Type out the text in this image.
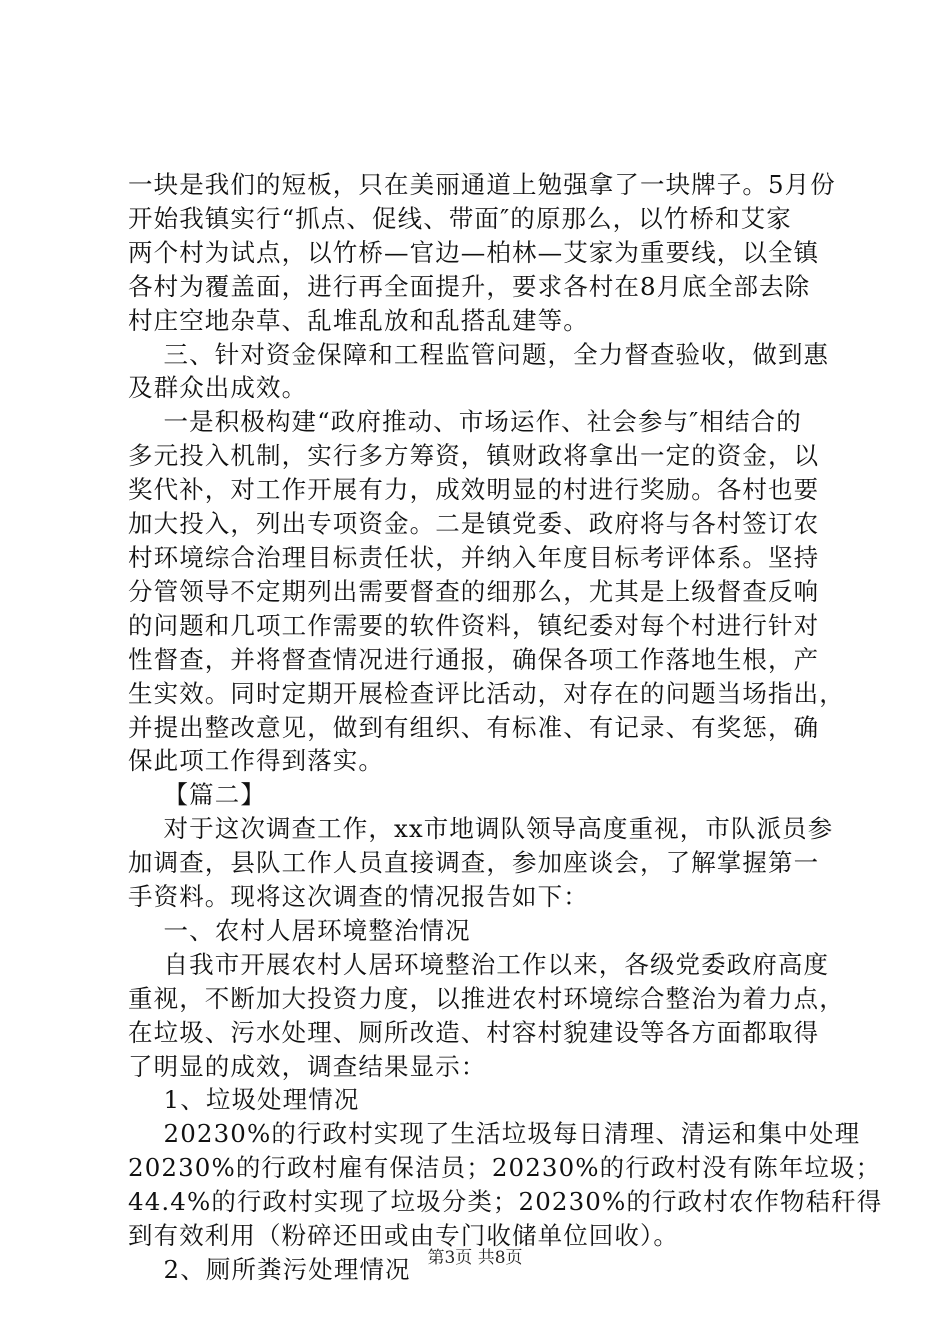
一块是我们的短板，只在美丽通道上勉强拿了一块牌子。5月份
开始我镇实行“抓点、促线、带面″的原那么，以竹桥和艾家
两个村为试点，以竹桥—官边—柏林—艾家为重要线，以全镇
各村为覆盖面，进行再全面提升，要求各村在8月底全部去除
村庄空地杂草、乱堆乱放和乱搭乱建等。
三、针对资金保障和工程监管问题，全力督查验收，做到惠
及群众出成效。
一是积极构建“政府推动、市场运作、社会参与″相结合的
多元投入机制，实行多方筹资，镇财政将拿出一定的资金，以
奖代补，对工作开展有力，成效明显的村进行奖励。各村也要
加大投入，列出专项资金。二是镇党委、政府将与各村签订农
村环境综合治理目标责任状，并纳入年度目标考评体系。坚持
分管领导不定期列出需要督查的细那么，尤其是上级督查反响
的问题和几项工作需要的软件资料，镇纪委对每个村进行针对
性督查，并将督查情况进行通报，确保各项工作落地生根，产
生实效。同时定期开展检查评比活动，对存在的问题当场指出，
并提出整改意见，做到有组织、有标准、有记录、有奖惩，确
保此项工作得到落实。
【篇二】
对于这次调查工作，xx市地调队领导高度重视，市队派员参
加调查，县队工作人员直接调查，参加座谈会，了解掌握第一
手资料。现将这次调查的情况报告如下：
一、农村人居环境整治情况
自我市开展农村人居环境整治工作以来，各级党委政府高度
重视，不断加大投资力度，以推进农村环境综合整治为着力点，
在垃圾、污水处理、厕所改造、村容村貌建设等各方面都取得
了明显的成效，调查结果显示：
1、垃圾处理情况
20230%的行政村实现了生活垃圾每日清理、清运和集中处理
20230%的行政村雇有保洁员；20230%的行政村没有陈年垃圾；
44.4%的行政村实现了垃圾分类；20230%的行政村农作物秸秆得
到有效利用（粉碎还田或由专门收储单位回收）。
2、厕所粪污处理情况 第3页 共8页
